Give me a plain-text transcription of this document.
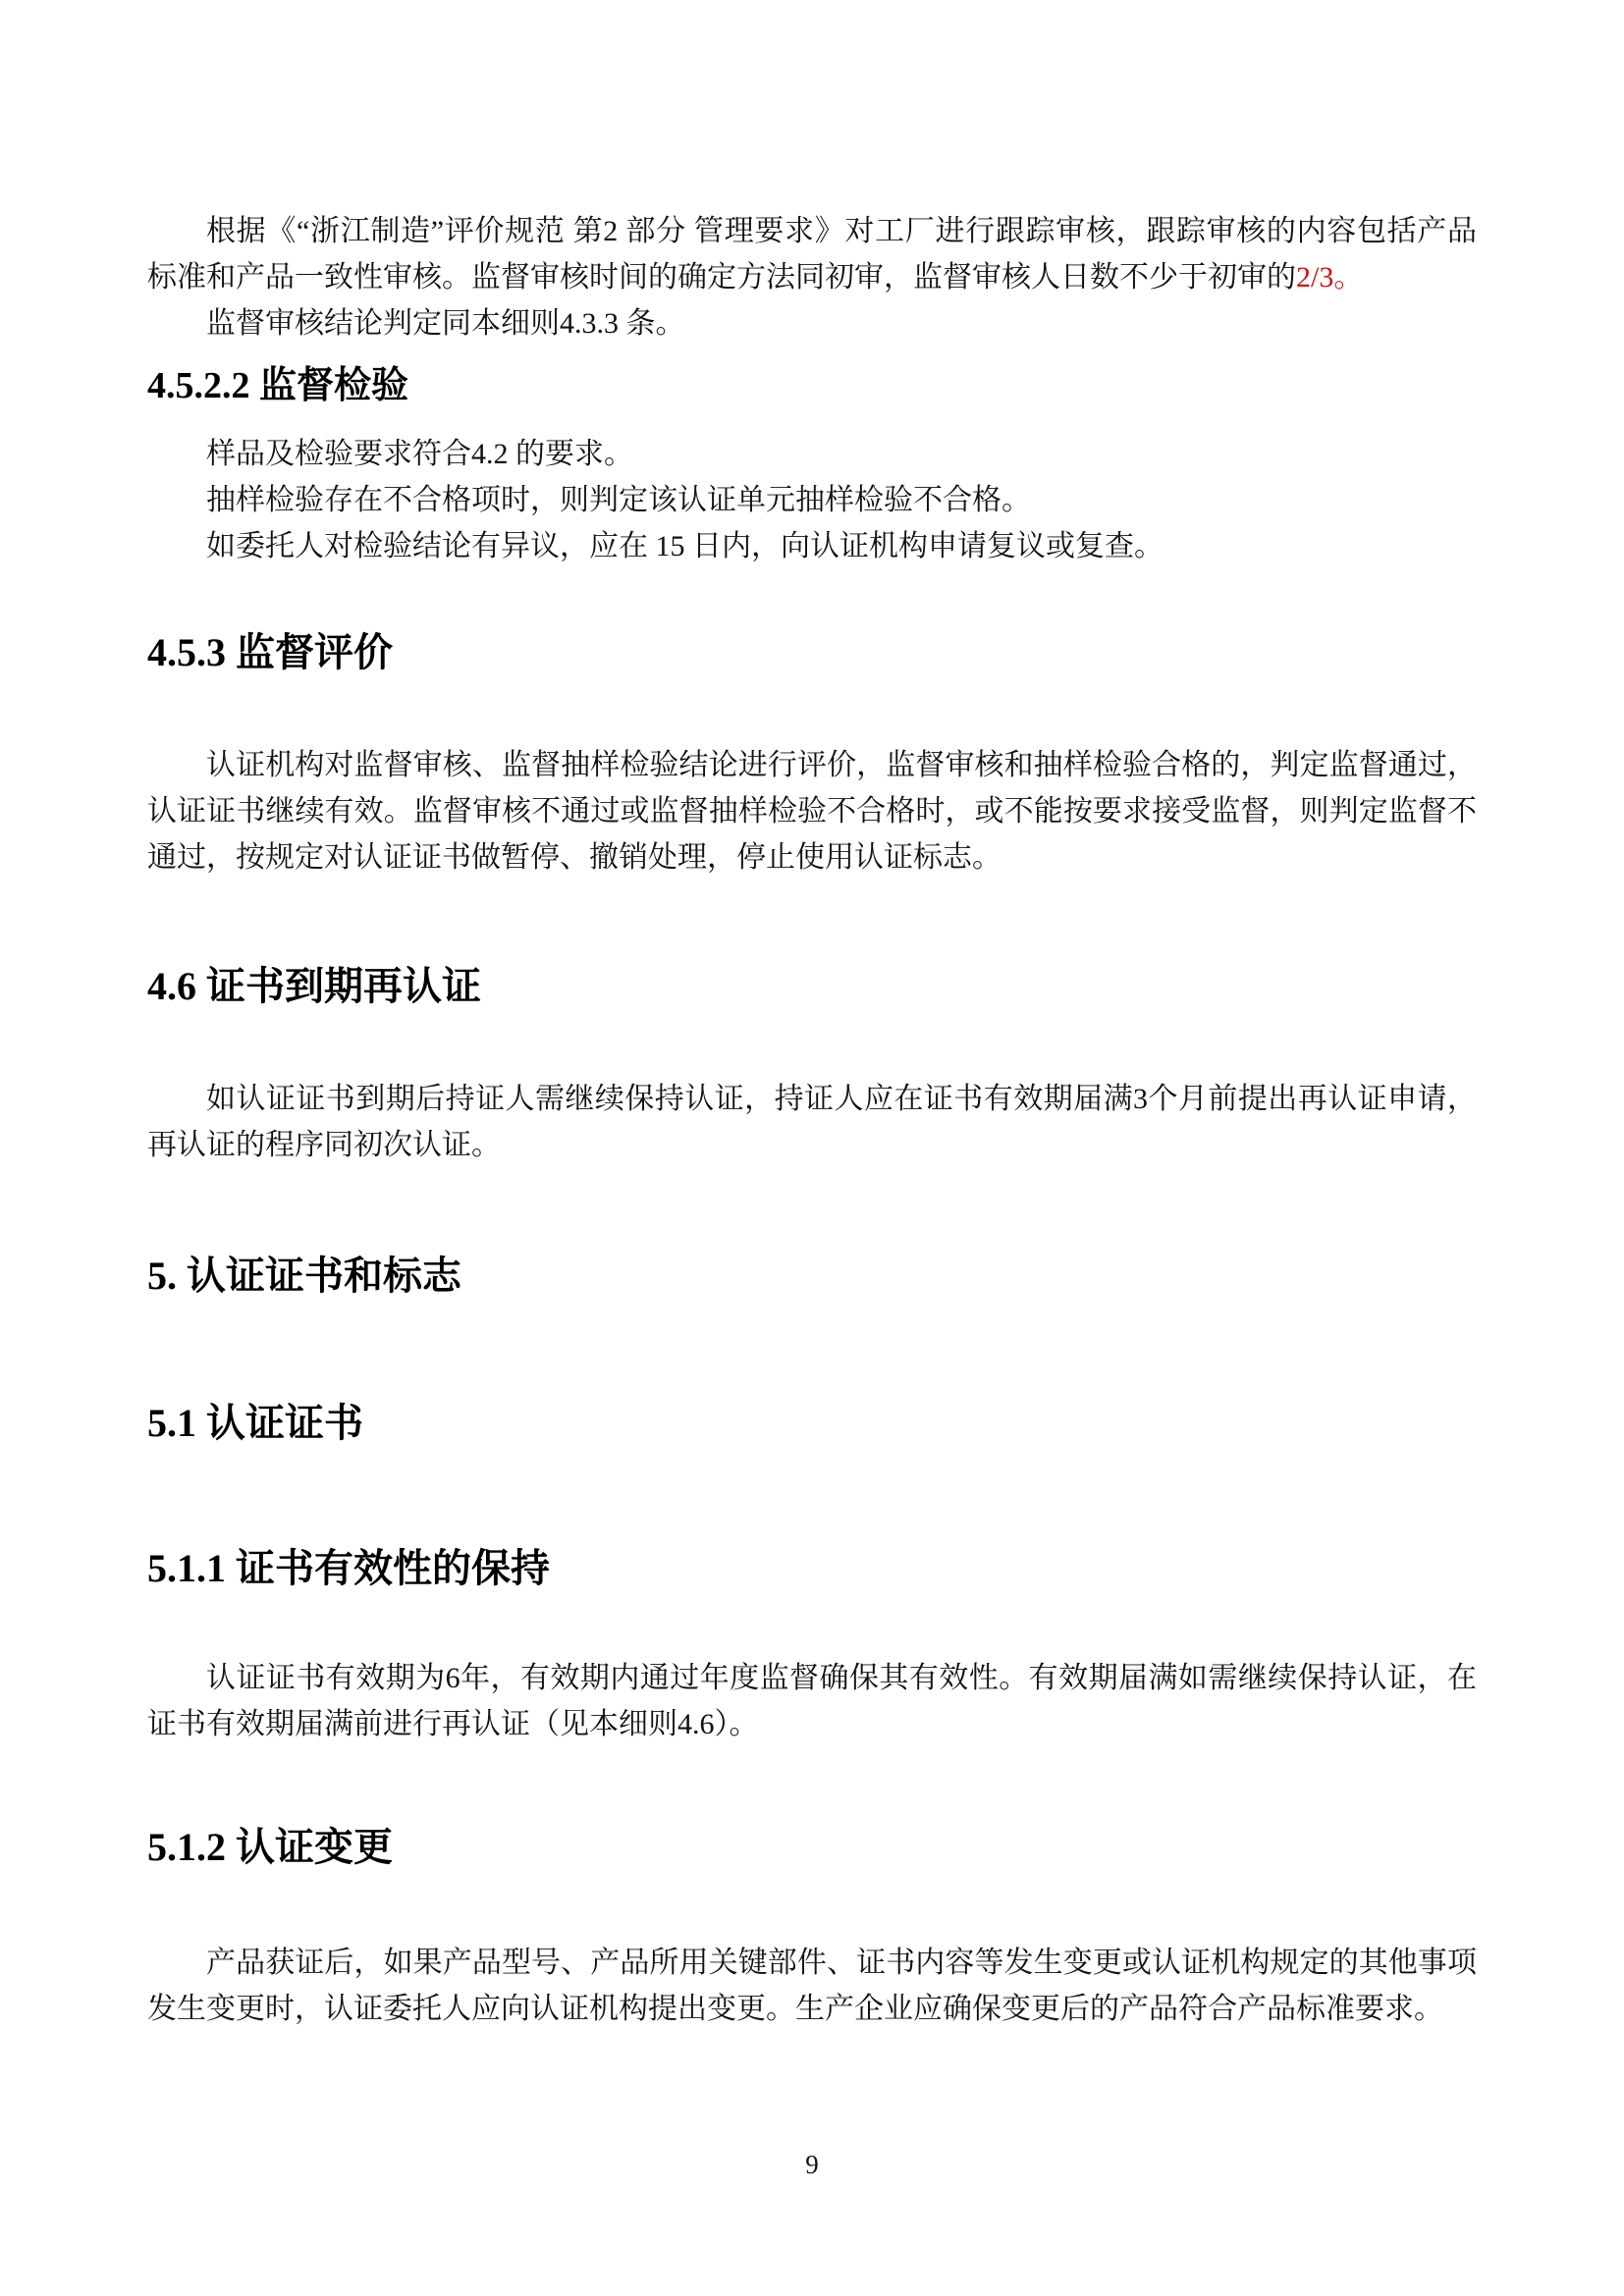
根据《“浙江制造”评价规范 第2 部分 管理要求》对工厂进行跟踪审核，跟踪审核的内容包括产品标准和产品一致性审核。监督审核时间的确定方法同初审，监督审核人日数不少于初审的2/3。

监督审核结论判定同本细则4.3.3 条。

4.5.2.2 监督检验

样品及检验要求符合4.2 的要求。

抽样检验存在不合格项时，则判定该认证单元抽样检验不合格。

如委托人对检验结论有异议，应在 15 日内，向认证机构申请复议或复查。

4.5.3 监督评价

认证机构对监督审核、监督抽样检验结论进行评价，监督审核和抽样检验合格的，判定监督通过，认证证书继续有效。监督审核不通过或监督抽样检验不合格时，或不能按要求接受监督，则判定监督不通过，按规定对认证证书做暂停、撤销处理，停止使用认证标志。

4.6 证书到期再认证

如认证证书到期后持证人需继续保持认证，持证人应在证书有效期届满3个月前提出再认证申请，再认证的程序同初次认证。

5. 认证证书和标志
5.1 认证证书
5.1.1 证书有效性的保持

认证证书有效期为6年，有效期内通过年度监督确保其有效性。有效期届满如需继续保持认证，在证书有效期届满前进行再认证（见本细则4.6）。

5.1.2 认证变更

产品获证后，如果产品型号、产品所用关键部件、证书内容等发生变更或认证机构规定的其他事项发生变更时，认证委托人应向认证机构提出变更。生产企业应确保变更后的产品符合产品标准要求。

9
